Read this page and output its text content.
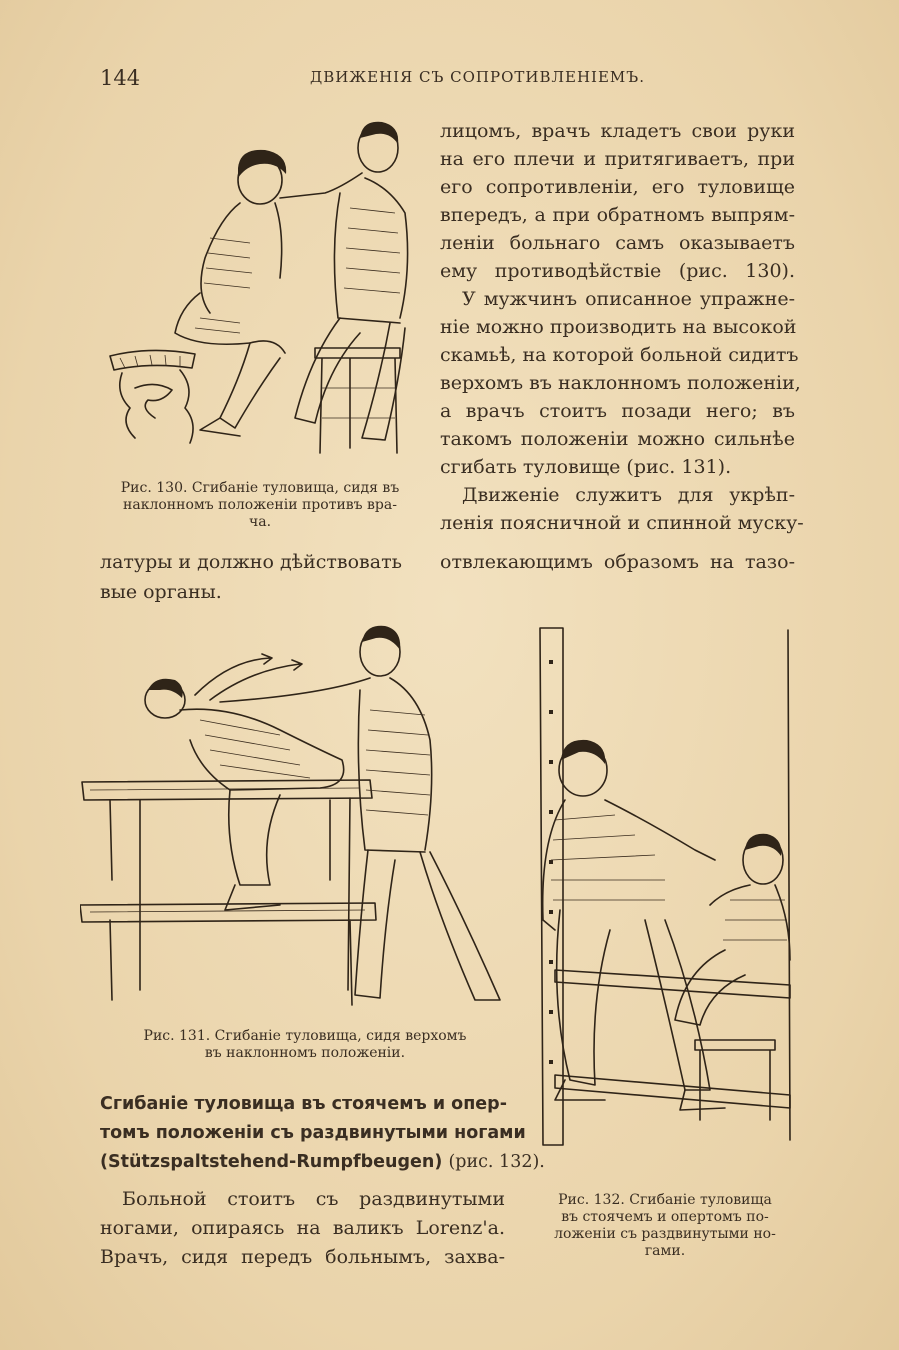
144	ДВИЖЕНІЯ СЪ СОПРОТИВЛЕНІЕМЪ.
Рис. 130. Сгибаніе туловища, сидя въ
наклонномъ положеніи противъ вра-
ча.
лицомъ, врачъ кладетъ свои руки
на его плечи и притягиваетъ, при
его сопротивленіи, его туловище
впередъ, а при обратномъ выпрям-
леніи больнаго самъ оказываетъ
ему противодѣйствіе (рис. 130).
У мужчинъ описанное упражне-
ніе можно производить на высокой
скамьѣ, на которой больной сидитъ
верхомъ въ наклонномъ положеніи,
а врачъ стоитъ позади него; въ
такомъ положеніи можно сильнѣе
сгибать туловище (рис. 131).
Движеніе служитъ для укрѣп-
ленія поясничной и спинной муску-
латуры и должно дѣйствовать отвлекающимъ образомъ на тазо-
вые органы.
Рис. 131. Сгибаніе туловища, сидя верхомъ
въ наклонномъ положеніи.
Сгибаніе туловища въ стоячемъ и опер-
томъ положеніи съ раздвинутыми ногами
(Stützspaltstehend-Rumpfbeugen) (рис. 132).
Больной стоитъ съ раздвинутыми
ногами, опираясь на валикъ Lorenz'а.
Врачъ, сидя передъ больнымъ, захва-
Рис. 132. Сгибаніе туловища
въ стоячемъ и опертомъ по-
ложеніи съ раздвинутыми но-
гами.
